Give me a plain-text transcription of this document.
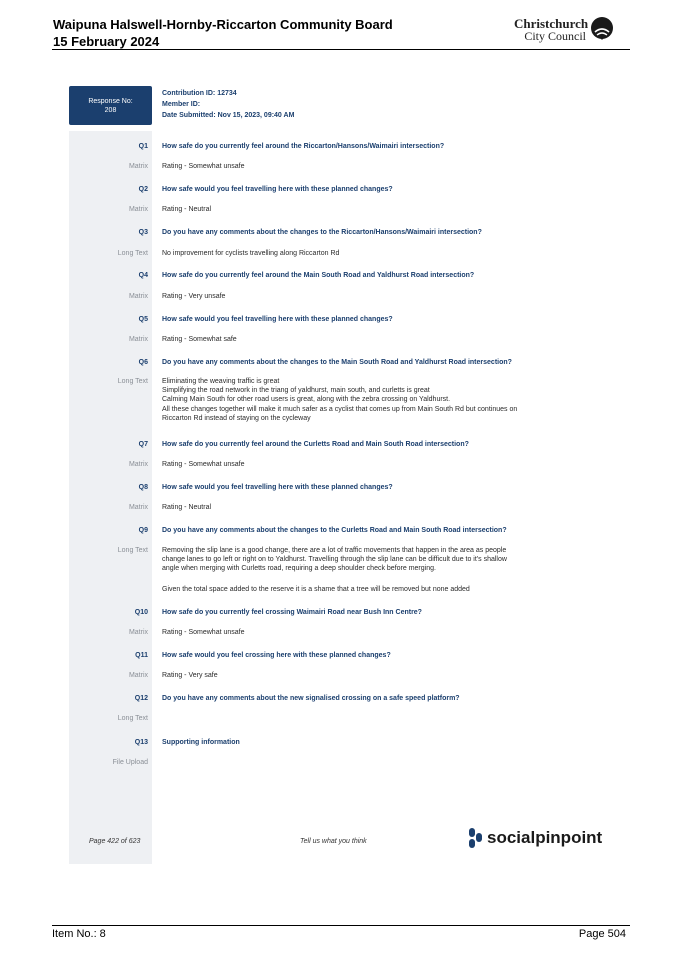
Waipuna Halswell-Hornby-Riccarton Community Board
15 February 2024
Christchurch
City Council
Response No:
208
Contribution ID: 12734
Member ID:
Date Submitted: Nov 15, 2023, 09:40 AM
Q1 How safe do you currently feel around the Riccarton/Hansons/Waimairi intersection?
Matrix Rating - Somewhat unsafe
Q2 How safe would you feel travelling here with these planned changes?
Matrix Rating - Neutral
Q3 Do you have any comments about the changes to the Riccarton/Hansons/Waimairi intersection?
Long Text No improvement for cyclists travelling along Riccarton Rd
Q4 How safe do you currently feel around the Main South Road and Yaldhurst Road intersection?
Matrix Rating - Very unsafe
Q5 How safe would you feel travelling here with these planned changes?
Matrix Rating - Somewhat safe
Q6 Do you have any comments about the changes to the Main South Road and Yaldhurst Road intersection?
Long Text Eliminating the weaving traffic is great
Simplifying the road network in the triang of yaldhurst, main south, and curletts is great
Calming Main South for other road users is great, along with the zebra crossing on Yaldhurst.
All these changes together will make it much safer as a cyclist that comes up from Main South Rd but continues on
Riccarton Rd instead of staying on the cycleway
Q7 How safe do you currently feel around the Curletts Road and Main South Road intersection?
Matrix Rating - Somewhat unsafe
Q8 How safe would you feel travelling here with these planned changes?
Matrix Rating - Neutral
Q9 Do you have any comments about the changes to the Curletts Road and Main South Road intersection?
Long Text Removing the slip lane is a good change, there are a lot of traffic movements that happen in the area as people
change lanes to go left or right on to Yaldhurst. Travelling through the slip lane can be difficult due to it's shallow
angle when merging with Curletts road, requiring a deep shoulder check before merging.
Given the total space added to the reserve it is a shame that a tree will be removed but none added
Q10 How safe do you currently feel crossing Waimairi Road near Bush Inn Centre?
Matrix Rating - Somewhat unsafe
Q11 How safe would you feel crossing here with these planned changes?
Matrix Rating - Very safe
Q12 Do you have any comments about the new signalised crossing on a safe speed platform?
Long Text
Q13 Supporting information
File Upload
Page 422 of 623	Tell us what you think	socialpinpoint
Item No.: 8	Page 504
